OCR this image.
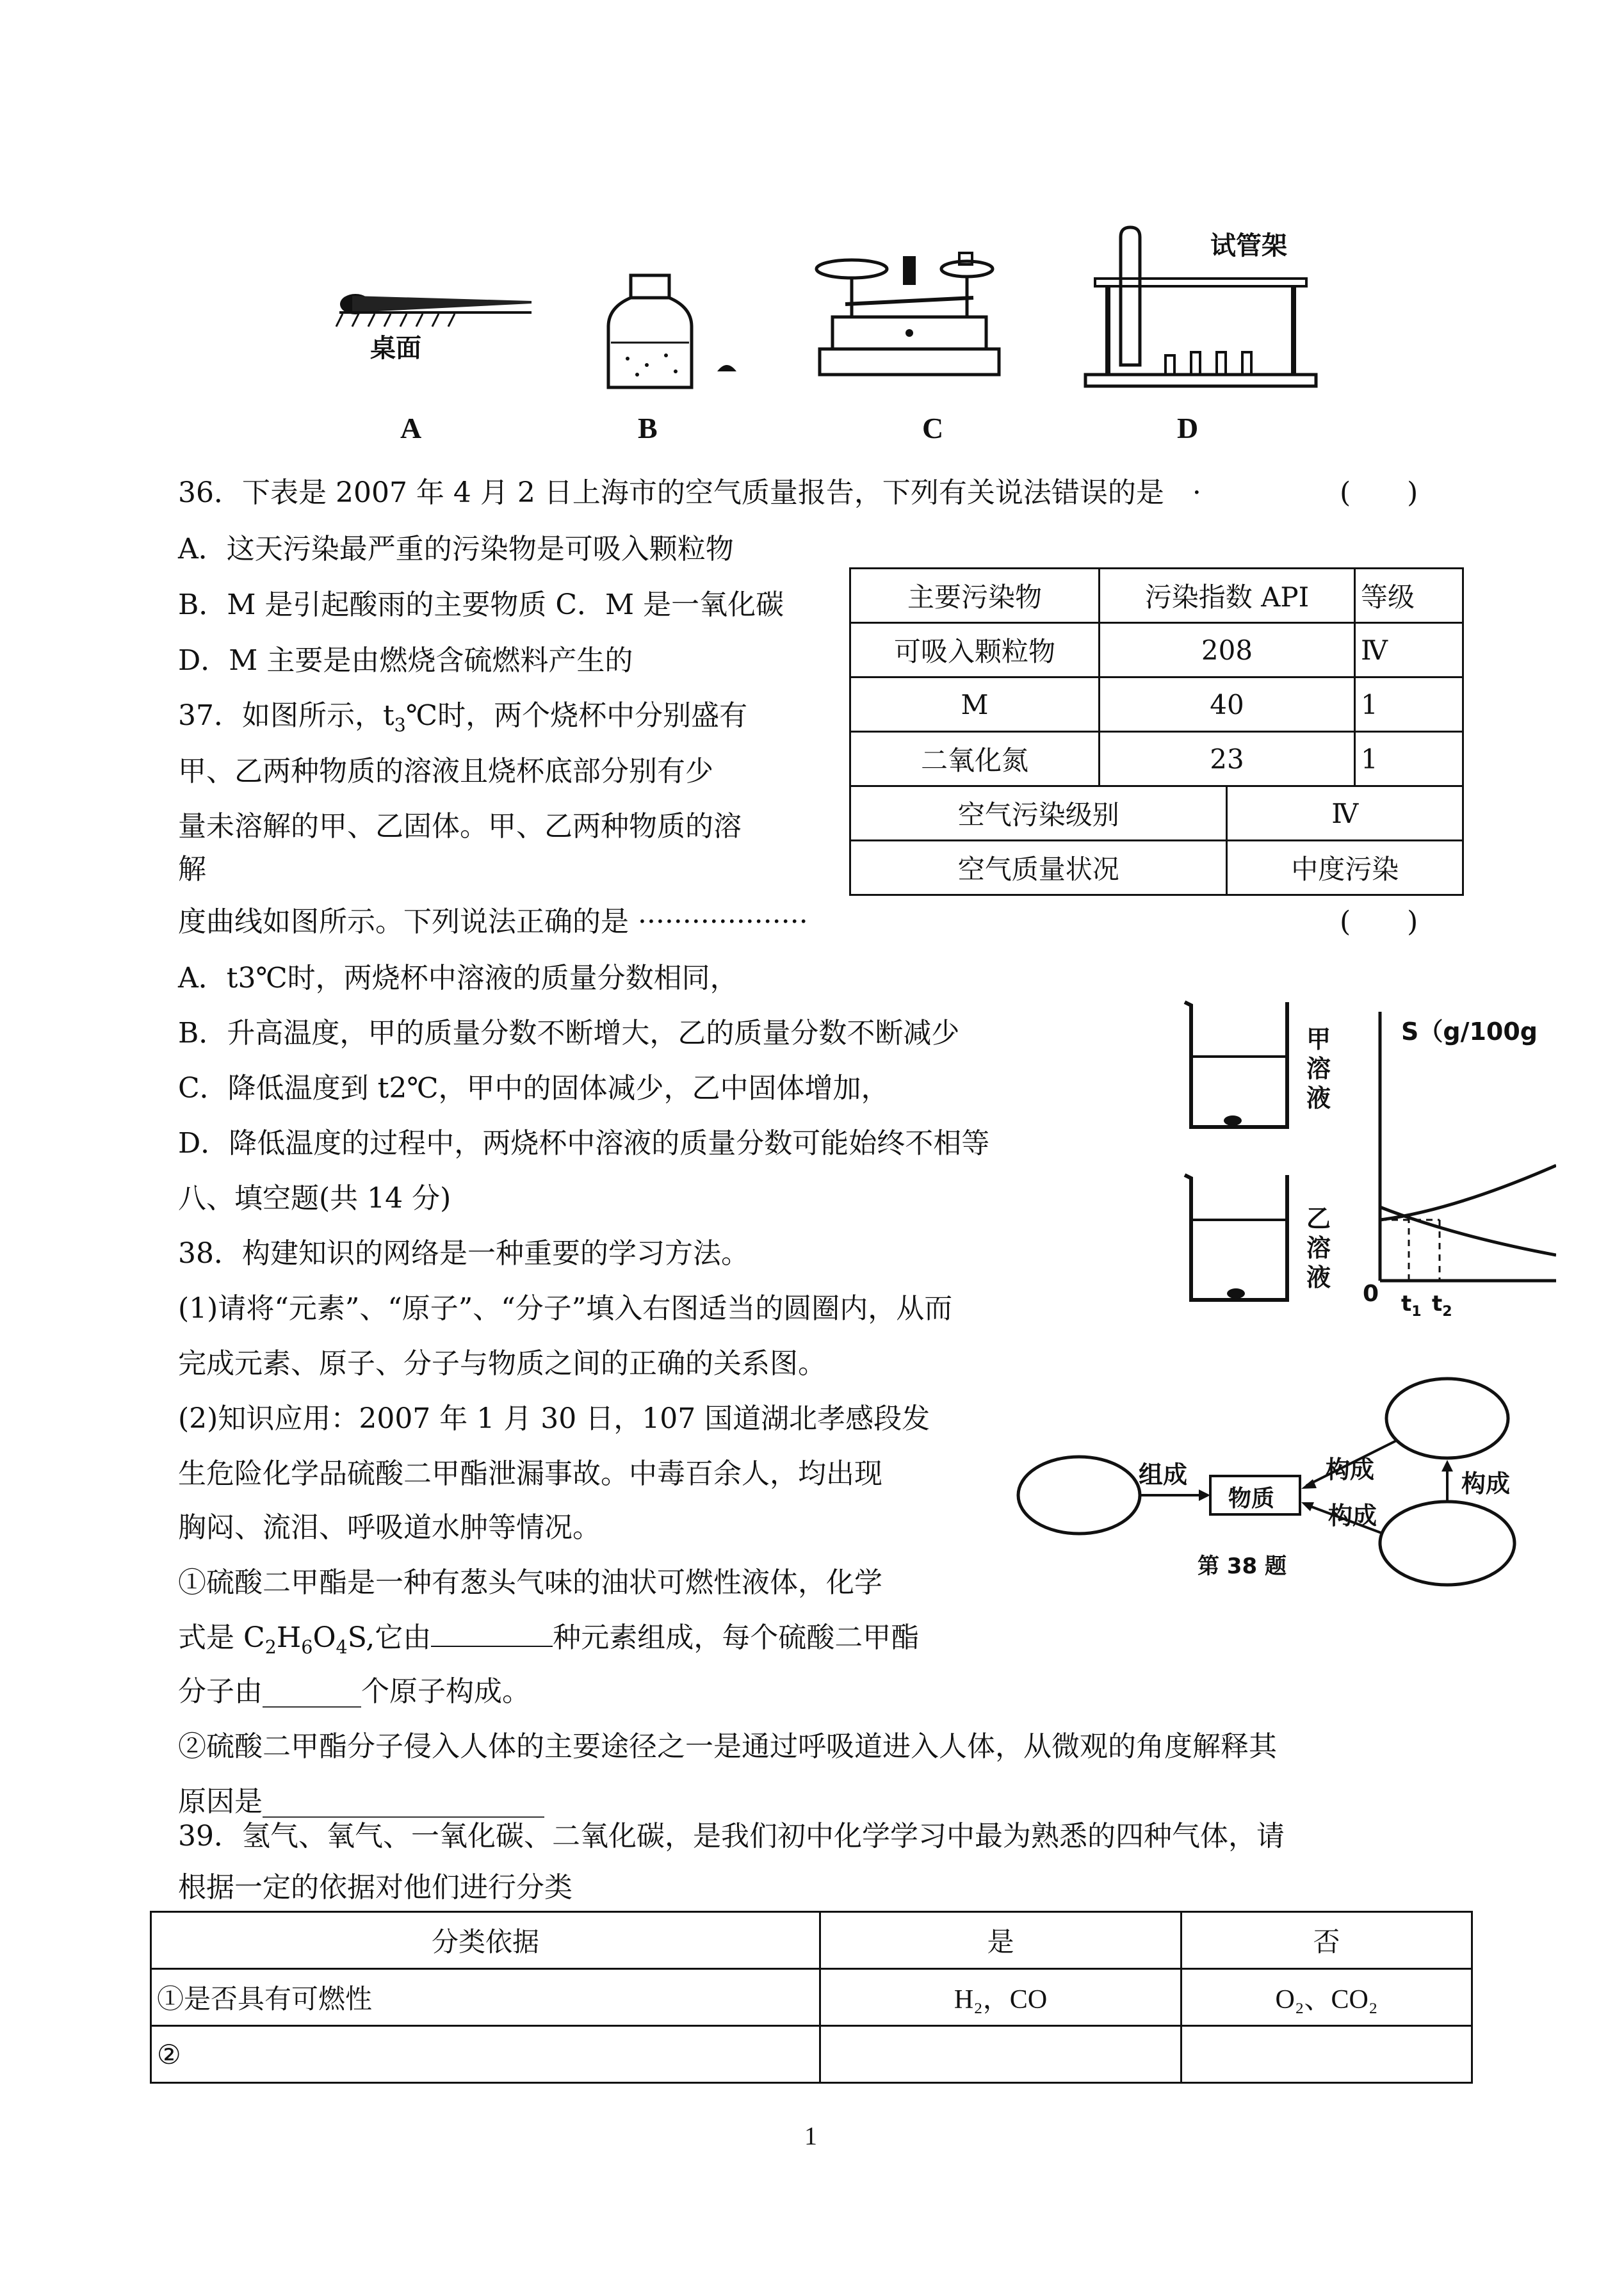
桌面
试管架
A	B	C	D
36．下表是 2007 年 4 月 2 日上海市的空气质量报告，下列有关说法错误的是 ·	(　　)
A．这天污染最严重的污染物是可吸入颗粒物
B．M 是引起酸雨的主要物质 C．M 是一氧化碳
D．M 主要是由燃烧含硫燃料产生的
主要污染物	污染指数 API		等级
可吸入颗粒物	208		Ⅳ
M	40		1
二氧化氮	23		1
空气污染级别		Ⅳ	
空气质量状况		中度污染	
37．如图所示，$t_3℃$时，两个烧杯中分别盛有
甲、乙两种物质的溶液且烧杯底部分别有少
量未溶解的甲、乙固体。甲、乙两种物质的溶
解
度曲线如图所示。下列说法正确的是 ···················	(　　)
A．t3℃时，两烧杯中溶液的质量分数相同，
B．升高温度，甲的质量分数不断增大，乙的质量分数不断减少
C．降低温度到 t2℃，甲中的固体减少，乙中固体增加，
D．降低温度的过程中，两烧杯中溶液的质量分数可能始终不相等
甲溶液
乙溶液
S（g/100g
0 $t_1$ $t_2$
八、填空题(共 14 分)
38．构建知识的网络是一种重要的学习方法。
(1)请将“元素”、“原子”、“分子”填入右图适当的圆圈内，从而
完成元素、原子、分子与物质之间的正确的关系图。
(2)知识应用：2007 年 1 月 30 日，107 国道湖北孝感段发
生危险化学品硫酸二甲酯泄漏事故。中毒百余人，均出现
胸闷、流泪、呼吸道水肿等情况。
①硫酸二甲酯是一种有葱头气味的油状可燃性液体，化学
式是 $C_2H_6O_4S$,它由	种元素组成，每个硫酸二甲酯
分子由_______个原子构成。
②硫酸二甲酯分子侵入人体的主要途径之一是通过呼吸道进入人体，从微观的角度解释其
原因是____________________
物质
组成	构成
构成
构成
第 38 题
39．氢气、氧气、一氧化碳、二氧化碳，是我们初中化学学习中最为熟悉的四种气体，请
根据一定的依据对他们进行分类
分类依据	是	否
①是否具有可燃性	H₂，CO	O₂、CO₂
②		
1
